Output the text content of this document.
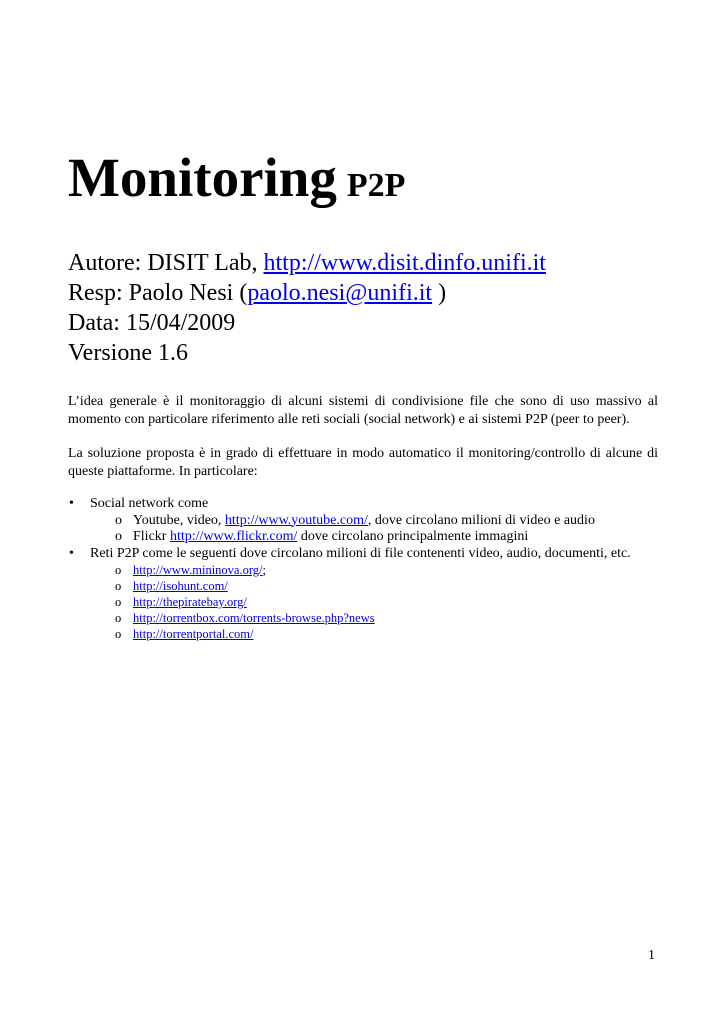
Monitoring P2P
Autore: DISIT Lab, http://www.disit.dinfo.unifi.it
Resp: Paolo Nesi (paolo.nesi@unifi.it )
Data: 15/04/2009
Versione 1.6
L’idea generale è il monitoraggio di alcuni sistemi di condivisione file che sono di uso massivo al momento con particolare riferimento alle reti sociali (social network) e ai sistemi P2P (peer to peer).
La soluzione proposta è in grado di effettuare in modo automatico il monitoring/controllo di alcune di queste piattaforme. In particolare:
• Social network come
o Youtube, video, http://www.youtube.com/, dove circolano milioni di video e audio
o Flickr http://www.flickr.com/ dove circolano principalmente immagini
• Reti P2P come le seguenti dove circolano milioni di file contenenti video, audio, documenti, etc.
o http://www.mininova.org/;
o http://isohunt.com/
o http://thepiratebay.org/
o http://torrentbox.com/torrents-browse.php?news
o http://torrentportal.com/
1
